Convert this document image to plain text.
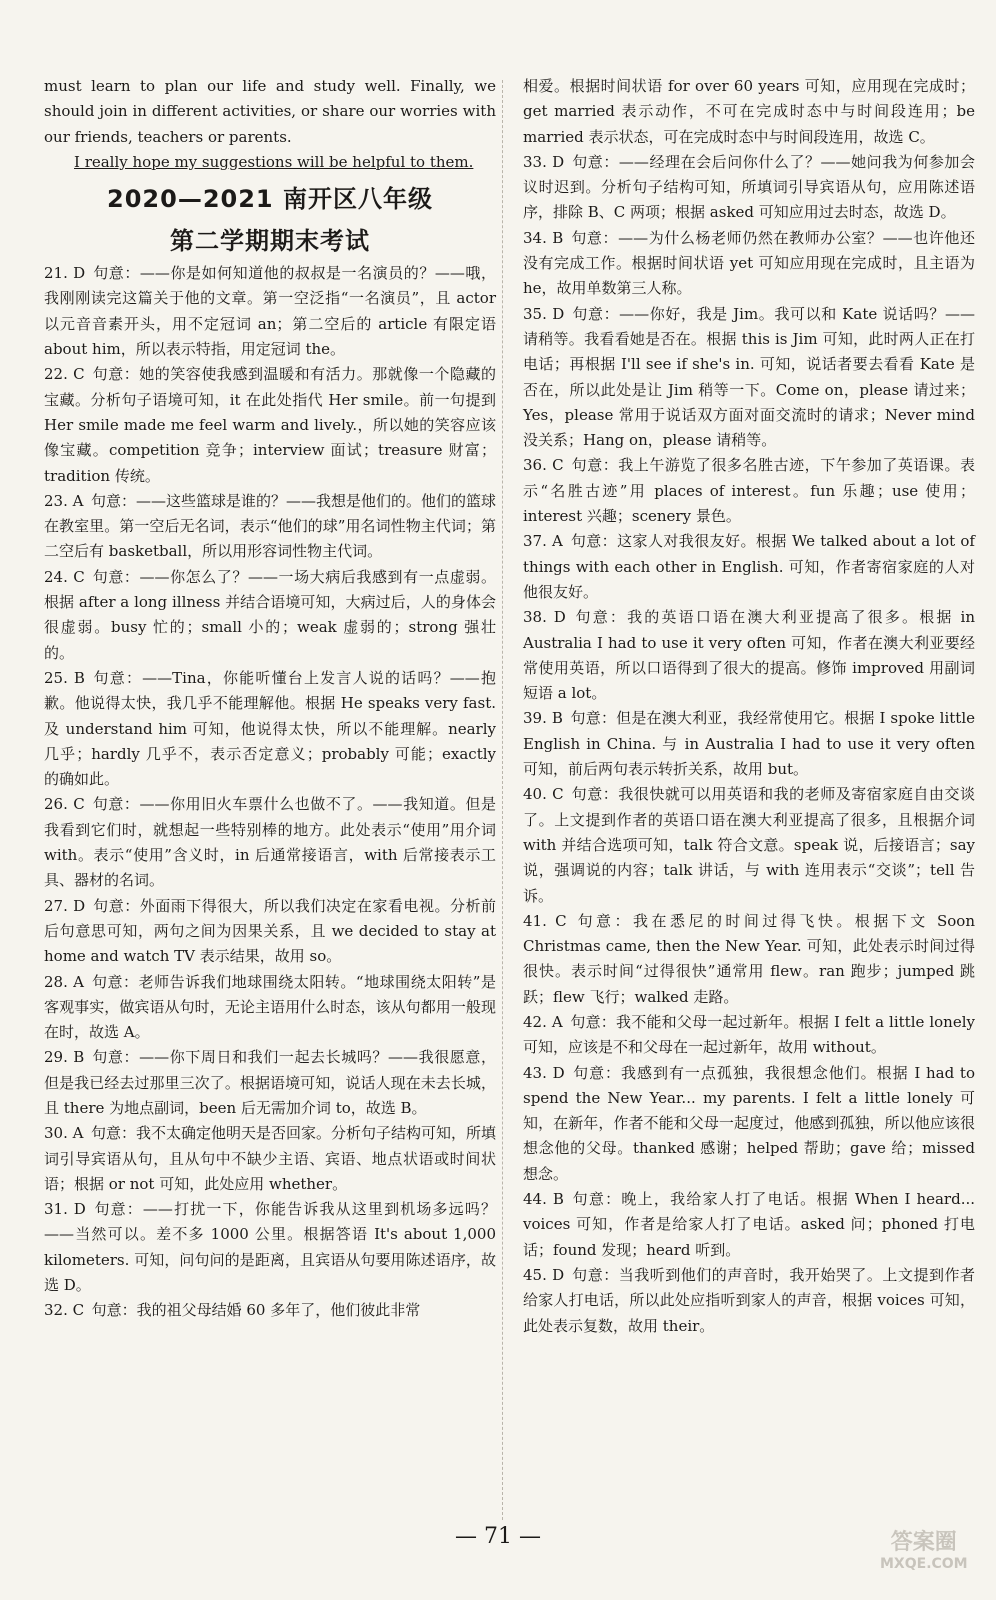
must learn to plan our life and study well. Finally, we should join in different activities, or share our worries with our friends, teachers or parents.

I really hope my suggestions will be helpful to them.

2020—2021 南开区八年级
第二学期期末考试

21. D  句意：——你是如何知道他的叔叔是一名演员的？——哦，我刚刚读完这篇关于他的文章。第一空泛指“一名演员”，且 actor 以元音音素开头，用不定冠词 an；第二空后的 article 有限定语 about him，所以表示特指，用定冠词 the。

22. C  句意：她的笑容使我感到温暖和有活力。那就像一个隐藏的宝藏。分析句子语境可知，it 在此处指代 Her smile。前一句提到 Her smile made me feel warm and lively.，所以她的笑容应该像宝藏。competition 竞争；interview 面试；treasure 财富；tradition 传统。

23. A  句意：——这些篮球是谁的？——我想是他们的。他们的篮球在教室里。第一空后无名词，表示“他们的球”用名词性物主代词；第二空后有 basketball，所以用形容词性物主代词。

24. C  句意：——你怎么了？——一场大病后我感到有一点虚弱。根据 after a long illness 并结合语境可知，大病过后，人的身体会很虚弱。busy 忙的；small 小的；weak 虚弱的；strong 强壮的。

25. B  句意：——Tina，你能听懂台上发言人说的话吗？——抱歉。他说得太快，我几乎不能理解他。根据 He speaks very fast. 及 understand him 可知，他说得太快，所以不能理解。nearly 几乎；hardly 几乎不，表示否定意义；probably 可能；exactly 的确如此。

26. C  句意：——你用旧火车票什么也做不了。——我知道。但是我看到它们时，就想起一些特别棒的地方。此处表示“使用”用介词 with。表示“使用”含义时，in 后通常接语言，with 后常接表示工具、器材的名词。

27. D  句意：外面雨下得很大，所以我们决定在家看电视。分析前后句意思可知，两句之间为因果关系，且 we decided to stay at home and watch TV 表示结果，故用 so。

28. A  句意：老师告诉我们地球围绕太阳转。“地球围绕太阳转”是客观事实，做宾语从句时，无论主语用什么时态，该从句都用一般现在时，故选 A。

29. B  句意：——你下周日和我们一起去长城吗？——我很愿意，但是我已经去过那里三次了。根据语境可知，说话人现在未去长城，且 there 为地点副词，been 后无需加介词 to，故选 B。

30. A  句意：我不太确定他明天是否回家。分析句子结构可知，所填词引导宾语从句，且从句中不缺少主语、宾语、地点状语或时间状语；根据 or not 可知，此处应用 whether。

31. D  句意：——打扰一下，你能告诉我从这里到机场多远吗？——当然可以。差不多 1000 公里。根据答语 It's about 1,000 kilometers. 可知，问句问的是距离，且宾语从句要用陈述语序，故选 D。

32. C  句意：我的祖父母结婚 60 多年了，他们彼此非常

相爱。根据时间状语 for over 60 years 可知，应用现在完成时；get married 表示动作，不可在完成时态中与时间段连用；be married 表示状态，可在完成时态中与时间段连用，故选 C。

33. D  句意：——经理在会后问你什么了？——她问我为何参加会议时迟到。分析句子结构可知，所填词引导宾语从句，应用陈述语序，排除 B、C 两项；根据 asked 可知应用过去时态，故选 D。

34. B  句意：——为什么杨老师仍然在教师办公室？——也许他还没有完成工作。根据时间状语 yet 可知应用现在完成时，且主语为 he，故用单数第三人称。

35. D  句意：——你好，我是 Jim。我可以和 Kate 说话吗？——请稍等。我看看她是否在。根据 this is Jim 可知，此时两人正在打电话；再根据 I'll see if she's in. 可知，说话者要去看看 Kate 是否在，所以此处是让 Jim 稍等一下。Come on，please 请过来；Yes，please 常用于说话双方面对面交流时的请求；Never mind 没关系；Hang on，please 请稍等。

36. C  句意：我上午游览了很多名胜古迹，下午参加了英语课。表示“名胜古迹”用 places of interest。fun 乐趣；use 使用；interest 兴趣；scenery 景色。

37. A  句意：这家人对我很友好。根据 We talked about a lot of things with each other in English. 可知，作者寄宿家庭的人对他很友好。

38. D  句意：我的英语口语在澳大利亚提高了很多。根据 in Australia I had to use it very often 可知，作者在澳大利亚要经常使用英语，所以口语得到了很大的提高。修饰 improved 用副词短语 a lot。

39. B  句意：但是在澳大利亚，我经常使用它。根据 I spoke little English in China. 与 in Australia I had to use it very often 可知，前后两句表示转折关系，故用 but。

40. C  句意：我很快就可以用英语和我的老师及寄宿家庭自由交谈了。上文提到作者的英语口语在澳大利亚提高了很多，且根据介词 with 并结合选项可知，talk 符合文意。speak 说，后接语言；say 说，强调说的内容；talk 讲话，与 with 连用表示“交谈”；tell 告诉。

41. C  句意：我在悉尼的时间过得飞快。根据下文 Soon Christmas came, then the New Year. 可知，此处表示时间过得很快。表示时间“过得很快”通常用 flew。ran 跑步；jumped 跳跃；flew 飞行；walked 走路。

42. A  句意：我不能和父母一起过新年。根据 I felt a little lonely 可知，应该是不和父母在一起过新年，故用 without。

43. D  句意：我感到有一点孤独，我很想念他们。根据 I had to spend the New Year... my parents. I felt a little lonely 可知，在新年，作者不能和父母一起度过，他感到孤独，所以他应该很想念他的父母。thanked 感谢；helped 帮助；gave 给；missed 想念。

44. B  句意：晚上，我给家人打了电话。根据 When I heard... voices 可知，作者是给家人打了电话。asked 问；phoned 打电话；found 发现；heard 听到。

45. D  句意：当我听到他们的声音时，我开始哭了。上文提到作者给家人打电话，所以此处应指听到家人的声音，根据 voices 可知，此处表示复数，故用 their。

— 71 —	答案圈
MXQE.COM
